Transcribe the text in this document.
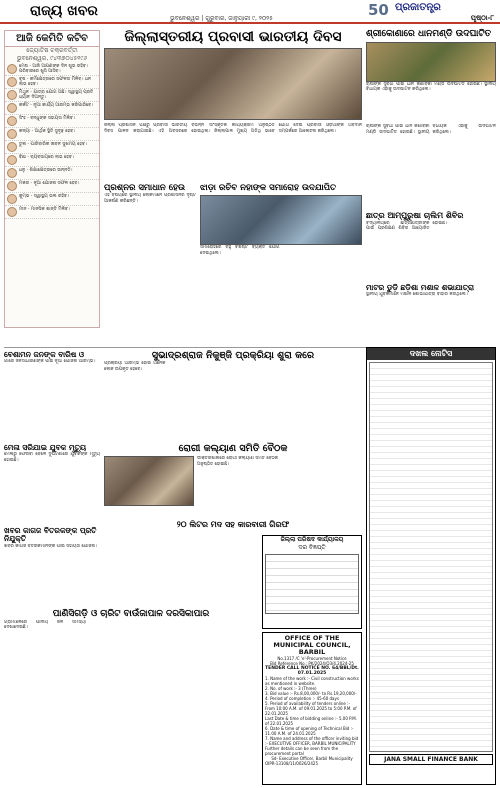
ରାଜ୍ୟ ଖବର	ଭୁବନେଶ୍ୱର | ଗୁରୁବାର, ଜାନୁୟାରୀ ୯, ୨୦୨୫	50 ପ୍ରଜାତନ୍ତ୍ର
ପୃଷ୍ଠା-୮
ଆଜି କେମିତି କଟିବ
ଜ୍ୟୋତିଷ ଚକ୍ରବର୍ତ୍ତୀ
ଭୁବନେଶ୍ୱର, ୯୪୩୭୦୪୫୧୯୬
ମେଷ - ଆଜି ଆପଣଙ୍କ ଦିନ ଶୁଭ ରହିବ। ପରିବାରରେ ଖୁସି ଆସିବ।
ବୃଷ - କର୍ମକ୍ଷେତ୍ରରେ ସଫଳତା ମିଳିବ। ଧନ ଲାଭ ହେବ।
ମିଥୁନ - ଯାତ୍ରା ଯୋଗ ଅଛି। ସ୍ୱାସ୍ଥ୍ୟ ପ୍ରତି ଧ୍ୟାନ ଦିଅନ୍ତୁ।
କର୍କଟ - ନୂଆ କାର୍ଯ୍ୟ ଆରମ୍ଭ କରିପାରିବେ।
ସିଂହ - ବନ୍ଧୁଙ୍କ ସହାୟତା ମିଳିବ।
କନ୍ୟା - ଆର୍ଥିକ ସ୍ଥିତି ସୁଦୃଢ଼ ହେବ।
ତୁଳା - ପାରିବାରିକ ଜୀବନ ସୁଖମୟ ହେବ।
ବିଛା - ବ୍ୟବସାୟରେ ଲାଭ ହେବ।
ଧନୁ - ଶିକ୍ଷାକ୍ଷେତ୍ରରେ ଉନ୍ନତି।
ମକର - ନୂଆ ଯୋଜନା ସଫଳ ହେବ।
କୁମ୍ଭ - ସ୍ୱାସ୍ଥ୍ୟ ଭଲ ରହିବ।
ମୀନ - ମାନସିକ ଶାନ୍ତି ମିଳିବ।
ଜିଲ୍ଲାସ୍ତରୀୟ ପ୍ରବାସୀ ଭାରତୀୟ ଦିବସ
ଜିଲ୍ଲା ପ୍ରଶାସନ ପକ୍ଷରୁ ପ୍ରବାସୀ ଭାରତୀୟ ଦିବସ ପାଳନ କରାଯାଇଛି। ଏହି ଅବସରରେ ବିଭିନ୍ନ ସାଂସ୍କୃତିକ କାର୍ଯ୍ୟକ୍ରମ ଅନୁଷ୍ଠିତ ହୋଇଥିଲା। ଜିଲ୍ଲାପାଳ ମୁଖ୍ୟ ଅତିଥି ଭାବେ ଯୋଗ ଦେଇ ପ୍ରବାସୀ ଓଡ଼ିଆଙ୍କ ଅବଦାନ ସମ୍ପର୍କରେ ଆଲୋଚନା କରିଥିଲେ।
ଶ୍ରୀକୋଣାରେ ଧାନମଣ୍ଡି ଉଦଘାଟିତ
ଚାଷୀଙ୍କ ସୁବିଧା ପାଇଁ ଧାନ କିଣାବିକା ମଣ୍ଡି ଉଦଘାଟିତ ହୋଇଛି। ସ୍ଥାନୀୟ ବିଧାୟକ ଏହାକୁ ଉଦଘାଟନ କରିଥିଲେ।
ଚାଷୀଙ୍କ ସୁବିଧା ପାଇଁ ଧାନ କିଣାବିକା ମଣ୍ଡି ଉଦଘାଟିତ ହୋଇଛି। ସ୍ଥାନୀୟ ବିଧାୟକ ଏହାକୁ ଉଦଘାଟନ କରିଥିଲେ।
ଛାତ୍ର ଆମ୍ପୁରୁଷା ଚାଲିମ ଶିବିର
ବିଦ୍ୟାଳୟରେ ଛାତ୍ରଛାତ୍ରୀଙ୍କ ପାଇଁ ପ୍ରଶିକ୍ଷଣ ଶିବିର ଆୟୋଜିତ ହୋଇଛି।
ମାଟର ଡୁଡ଼ି ଛଡ଼ିଶା ମଶାଳ ଶଭାଯାତ୍ରା
ସ୍ଥାନୀୟ ଯୁବକମାନେ ମଶାଳ ଶୋଭାଯାତ୍ରା ବାହାର କରିଥିଲେ।
ପ୍ରଶ୍ନର ସମାଧାନ ହେଉ
ଏହି ବିଷୟରେ ସ୍ଥାନୀୟ ଲୋକମାନେ ପ୍ରଶାସନର ଦୃଷ୍ଟି ଆକର୍ଷଣ କରିଛନ୍ତି।
ଝାଡ଼ା ରଚିବ ନହାଙ୍କ ସମାରୋହ ଉଦଯାପିତ
ସମାରୋହରେ ବହୁ ବିଶିଷ୍ଟ ବ୍ୟକ୍ତି ଯୋଗ ଦେଇଥିଲେ।
ବେଶାମନ ଜନଙ୍କ ବାରିଷ ଓ
ଗାଁରେ ଜନସାଧାରଣଙ୍କ ପାଇଁ ନୂଆ ଯୋଜନା ଆରମ୍ଭ।
ମେଳା ସରିଯାଇ ଯୁବକ ମୃତ୍ୟୁ
ମେଳାରୁ ଫେରିବା ବେଳେ ଦୁର୍ଘଟଣାରେ ଯୁବକଙ୍କ ମୃତ୍ୟୁ ହୋଇଛି।
ଖବର କାଗଜ ବିତରକଙ୍କ ପ୍ରତି ନିଯୁକ୍ତି
ଖବର କାଗଜ ବିତରକମାନଙ୍କ ପାଇଁ ସହାୟତା ଯୋଜନା।
ସୁଭାଦ୍ରଶ୍ରାଜ ନିକୁଞ୍ଜି ପ୍ରକ୍ରିୟା ଶୁରା କରେ
ପ୍ରକ୍ରିୟା ଆରମ୍ଭ ହୋଇ ଅନେକ ଲୋକ ଉପକୃତ ହେବେ।
ରୋଗୀ କଲ୍ୟାଣ ସମିତି ବୈଠକ
ଡାକ୍ତରଖାନାରେ ରୋଗୀ କଲ୍ୟାଣ ସମିତି ବୈଠକ ଅନୁଷ୍ଠିତ ହୋଇଛି।
୨୦ ଲିଟର ମଦ ସହ କାରବାରୀ ଗିରଫ
ପାଣିସିଗଡ଼ି ଓ ଚାରିଟ ବାଉଁଜାପାଳ ଦରସିକାପାର
ଗ୍ରାମାଞ୍ଚଳରେ ପାନୀୟ ଜଳ ସମସ୍ୟା ଦେଖାଦେଇଛି।
ଜିଲ୍ଲା ପରିଷଦ କାର୍ଯ୍ୟାଳୟ
ଦର ବିଜ୍ଞପ୍ତି
OFFICE OF THE MUNICIPAL COUNCIL, BARBIL
No.1317 /C 'e'-Procurement Notice
Bid Reference No.: PK/2024/Q3/4.2024-25
TENDER CALL NOTICE NO. 64/BBL/Dt. 07.01.2025
1. Name of the work :- Civil construction works as mentioned in website.
2. No. of work :- 3 (Three)
3. Bid value :- Rs.8,00,000/- to Rs.19,20,000/-
4. Period of completion :- 45-60 days
5. Period of availability of tenders online :- From 10:00 A.M. of 09.01.2025 to 5:00 P.M. of 22.01.2025
Last Date & time of bidding online :- 5.00 P.M. of 22.01.2025
6. Date & time of opening of Technical Bid :- 11.00 A.M. of 24.01.2025
7. Name and address of the officer inviting bid :- EXECUTIVE OFFICER, BARBIL MUNICIPALITY
Further details can be seen from the procurement portal
Sd- Executive Officer, Barbil Municipality
OIPR-13108/11/0026/2425
ଦଖଲ ନୋଟିସ
JANA SMALL FINANCE BANK
